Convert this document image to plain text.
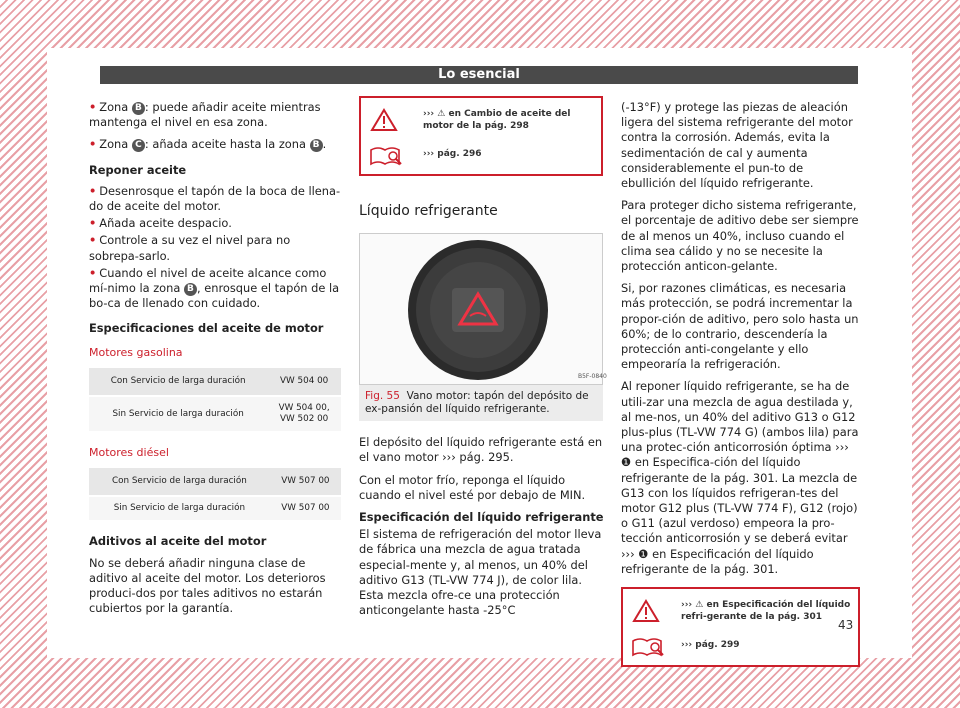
Lo esencial

• Zona B : puede añadir aceite mientras mantenga el nivel en esa zona.

• Zona C : añada aceite hasta la zona B .

Reponer aceite

• Desenrosque el tapón de la boca de llena-do de aceite del motor.

• Añada aceite despacio.

• Controle a su vez el nivel para no sobrepa-sarlo.

• Cuando el nivel de aceite alcance como mí-nimo la zona B , enrosque el tapón de la bo-ca de llenado con cuidado.

Especificaciones del aceite de motor
Motores gasolina
Con Servicio de larga duración	VW 504 00
Sin Servicio de larga duración	VW 504 00,
VW 502 00
Motores diésel
Con Servicio de larga duración	VW 507 00
Sin Servicio de larga duración	VW 507 00
Aditivos al aceite del motor

No se deberá añadir ninguna clase de aditivo al aceite del motor. Los deterioros produci-dos por tales aditivos no estarán cubiertos por la garantía.

››› ⚠ en Cambio de aceite del motor de la pág. 298
››› pág. 296
Líquido refrigerante
B5F-0840
Fig. 55 Vano motor: tapón del depósito de ex-pansión del líquido refrigerante.

El depósito del líquido refrigerante está en el vano motor ››› pág. 295.

Con el motor frío, reponga el líquido cuando el nivel esté por debajo de MIN.

Especificación del líquido refrigerante

El sistema de refrigeración del motor lleva de fábrica una mezcla de agua tratada especial-mente y, al menos, un 40% del aditivo G13 (TL-VW 774 J), de color lila. Esta mezcla ofre-ce una protección anticongelante hasta -25°C

(-13°F) y protege las piezas de aleación ligera del sistema refrigerante del motor contra la corrosión. Además, evita la sedimentación de cal y aumenta considerablemente el pun-to de ebullición del líquido refrigerante.

Para proteger dicho sistema refrigerante, el porcentaje de aditivo debe ser siempre de al menos un 40%, incluso cuando el clima sea cálido y no se necesite la protección anticon-gelante.

Si, por razones climáticas, es necesaria más protección, se podrá incrementar la propor-ción de aditivo, pero solo hasta un 60%; de lo contrario, descendería la protección anti-congelante y ello empeoraría la refrigeración.

Al reponer líquido refrigerante, se ha de utili-zar una mezcla de agua destilada y, al me-nos, un 40% del aditivo G13 o G12 plus-plus (TL-VW 774 G) (ambos lila) para una protec-ción anticorrosión óptima ››› ❶ en Especifica-ción del líquido refrigerante de la pág. 301. La mezcla de G13 con los líquidos refrigeran-tes del motor G12 plus (TL-VW 774 F), G12 (rojo) o G11 (azul verdoso) empeora la pro-tección anticorrosión y se deberá evitar ››› ❶ en Especificación del líquido refrigerante de la pág. 301.

››› ⚠ en Especificación del líquido refri-gerante de la pág. 301
››› pág. 299
43
